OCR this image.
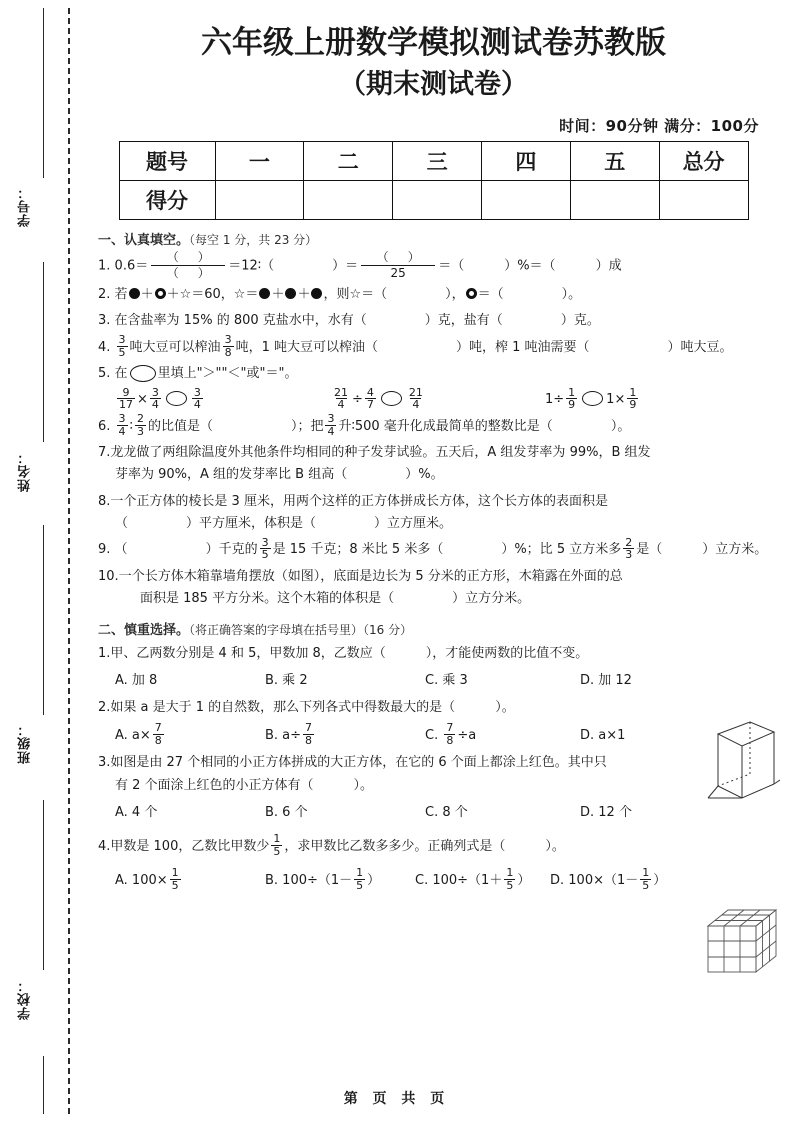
学号：
姓名：
班级：
学校：
六年级上册数学模拟测试卷苏教版
（期末测试卷）
时间：90分钟 满分：100分
题号	一	二	三	四	五	总分
得分						
一、认真填空。（每空 1 分，共 23 分）
1. $0.6= \frac{( )}{( )}$ ＝12∶（	）＝ $\frac{( )}{25}$ ＝（	）%＝（	）成
2. 若 ＋ ＋☆＝60，☆＝ ＋ ＋ ，则☆＝（	）， ＝（	）。
3. 在含盐率为 15% 的 800 克盐水中，水有（	）克，盐有（	）克。
4. $\frac{3}{5}$ 吨大豆可以榨油 $\frac{3}{8}$ 吨，1 吨大豆可以榨油（	）吨，榨 1 吨油需要（	）吨大豆。
5. 在 里填上"＞""＜"或"＝"。
$\frac{9}{17} \times \frac{3}{4}$	$\frac{3}{4}$	$\frac{21}{4} \div \frac{4}{7}$	$\frac{21}{4}$	$1\div \frac{1}{9} 1\times \frac{1}{9}$
6. $\frac{3}{4}$ ∶ $\frac{2}{3}$ 的比值是（	）；把 $\frac{3}{4}$ 升∶500 毫升化成最简单的整数比是（	）。
7.龙龙做了两组除温度外其他条件均相同的种子发芽试验。五天后，A 组发芽率为 99%，B 组发
芽率为 90%，A 组的发芽率比 B 组高（	）%。
8.一个正方体的棱长是 3 厘米，用两个这样的正方体拼成长方体，这个长方体的表面积是
（	）平方厘米，体积是（	）立方厘米。
9. （	）千克的 $\frac{3}{5}$ 是 15 千克；8 米比 5 米多（	）%；比 5 立方米多 $\frac{2}{3}$ 是（	）立方米。
10.一个长方体木箱靠墙角摆放（如图），底面是边长为 5 分米的正方形，木箱露在外面的总
面积是 185 平方分米。这个木箱的体积是（	）立方分米。
二、慎重选择。（将正确答案的字母填在括号里）（16 分）
1.甲、乙两数分别是 4 和 5，甲数加 8，乙数应（	），才能使两数的比值不变。
A. 加 8	B. 乘 2	C. 乘 3	D. 加 12
2.如果 a 是大于 1 的自然数，那么下列各式中得数最大的是（	）。
A. $a\times \frac{7}{8}$	B. $a\div \frac{7}{8}$	C. $\frac{7}{8} \div a$	D. a×1
3.如图是由 27 个相同的小正方体拼成的大正方体，在它的 6 个面上都涂上红色。其中只
有 2 个面涂上红色的小正方体有（	）。
A. 4 个	B. 6 个	C. 8 个	D. 12 个
4.甲数是 100，乙数比甲数少 $\frac{1}{5}$ ，求甲数比乙数多多少。正确列式是（	）。
A. $100\times \frac{1}{5}$	B. $100\div(1- \frac{1}{5}$ ）	C. $100\div(1+ \frac{1}{5}$ ）	D. $100\times(1- \frac{1}{5}$ ）
第 页 共 页
